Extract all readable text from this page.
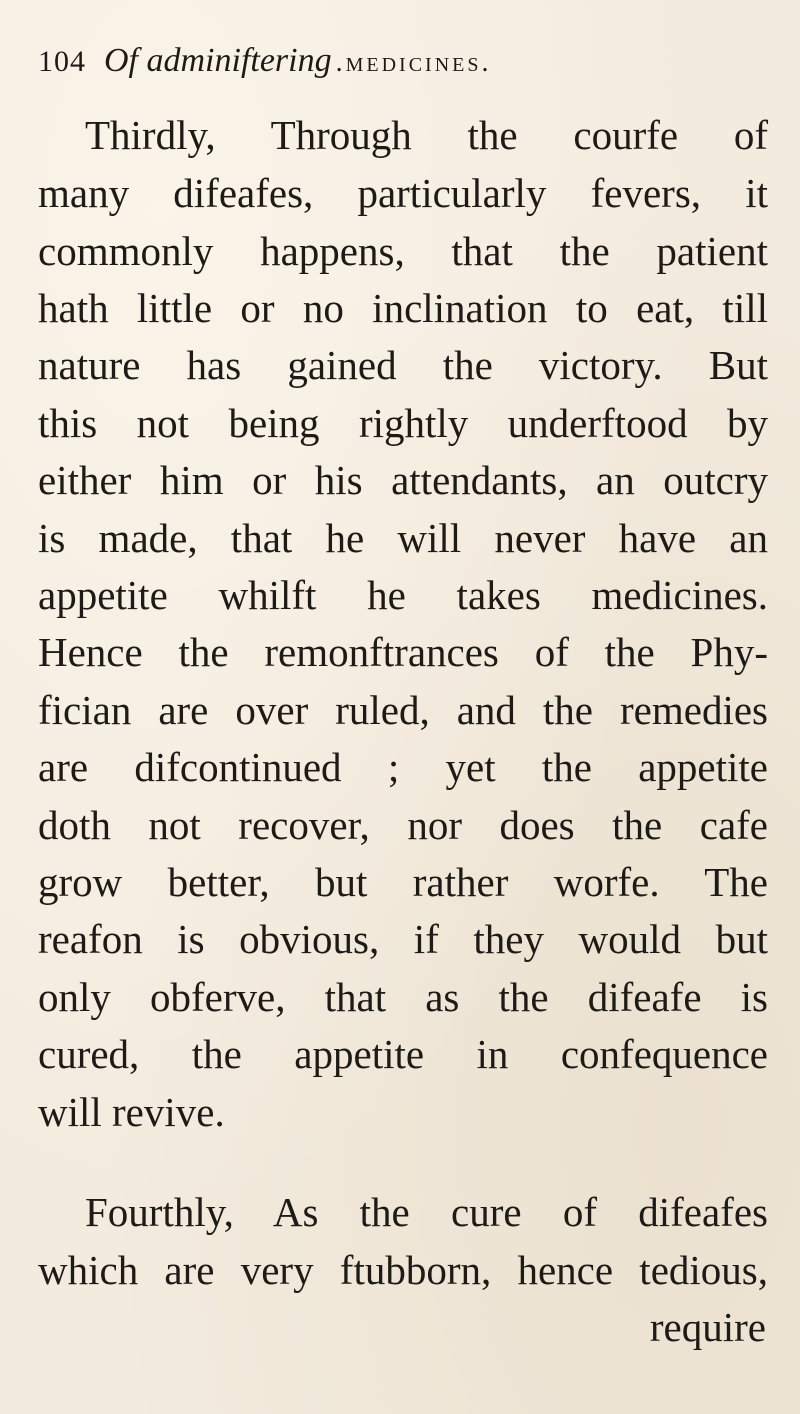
104 Of adminiftering .medicines.
Thirdly, Through the courfe of
many difeafes, particularly fevers, it
commonly happens, that the patient
hath little or no inclination to eat, till
nature has gained the victory. But
this not being rightly underftood by
either him or his attendants, an outcry
is made, that he will never have an
appetite whilft he takes medicines.
Hence the remonftrances of the Phy-
fician are over ruled, and the remedies
are difcontinued ; yet the appetite
doth not recover, nor does the cafe
grow better, but rather worfe. The
reafon is obvious, if they would but
only obferve, that as the difeafe is
cured, the appetite in confequence
will revive.
Fourthly, As the cure of difeafes
which are very ftubborn, hence tedious,
require
